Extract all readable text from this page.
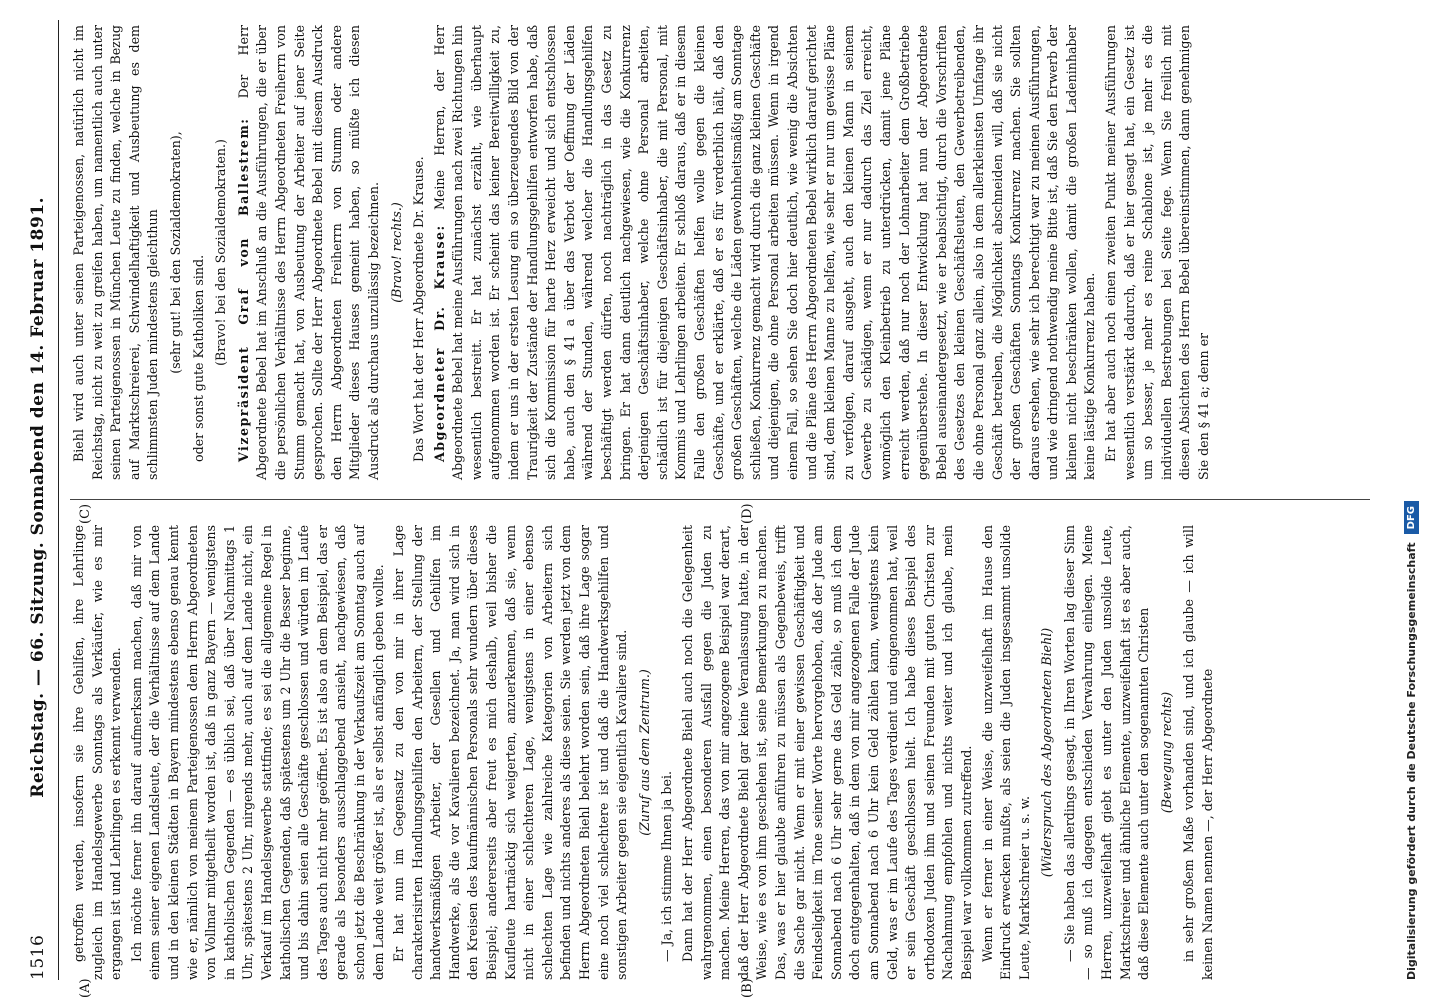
1516
Reichstag. — 66. Sitzung. Sonnabend den 14. Februar 1891.
(A)	(B)
(C)	(D)

getroffen werden, insofern sie ihre Gehilfen, ihre Lehrlinge zugleich im Handelsgewerbe Sonntags als Verkäufer, wie es mir ergangen ist und Lehrlingen es erkennt verwenden. Ich möchte ferner ihn darauf aufmerksam machen, daß mir von einem seiner eigenen Landsleute, der die Verhältnisse auf dem Lande und in den kleinen Städten in Bayern mindestens ebenso genau kennt wie er, nämlich von meinem Parteigenossen dem Herrn Abgeordneten von Vollmar mitgetheilt worden ist, daß in ganz Bayern — wenigstens in katholischen Gegenden — es üblich sei, daß über Nachmittags 1 Uhr, spätestens 2 Uhr, nirgends mehr, auch auf dem Lande nicht, ein Verkauf im Handelsgewerbe stattfinde; es sei die allgemeine Regel in katholischen Gegenden, daß spätestens um 2 Uhr die Besser beginne, und bis dahin seien alle Geschäfte geschlossen und würden im Laufe des Tages auch nicht mehr geöffnet. Es ist also an dem Beispiel, das er gerade als besonders ausschlaggebend ansieht, nachgewiesen, daß schon jetzt die Beschränkung in der Verkaufszeit am Sonntag auch auf dem Lande weit größer ist, als er selbst anfänglich geben wollte. Er hat nun im Gegensatz zu den von mir in ihrer Lage charakterisirten Handlungsgehilfen den Arbeitern, der Stellung der handwerksmäßigen Arbeiter, der Gesellen und Gehilfen im Handwerke, als die vor Kavalieren bezeichnet. Ja, man wird sich in den Kreisen des kaufmännischen Personals sehr wundern über dieses Beispiel; andererseits aber freut es mich deshalb, weil bisher die Kaufleute hartnäckig sich weigerten, anzuerkennen, daß sie, wenn nicht in einer schlechteren Lage, wenigstens in einer ebenso schlechten Lage wie zahlreiche Kategorien von Arbeitern sich befinden und nichts anderes als diese seien. Sie werden jetzt von dem Herrn Abgeordneten Biehl belehrt worden sein, daß ihre Lage sogar eine noch viel schlechtere ist und daß die Handwerksgehilfen und sonstigen Arbeiter gegen sie eigentlich Kavaliere sind. (Zuruf aus dem Zentrum.)

— Ja, ich stimme Ihnen ja bei. Dann hat der Herr Abgeordnete Biehl auch noch die Gelegenheit wahrgenommen, einen besonderen Ausfall gegen die Juden zu machen. Meine Herren, das von mir angezogene Beispiel war derart, daß der Herr Abgeordnete Biehl gar keine Veranlassung hatte, in der Weise, wie es von ihm geschehen ist, seine Bemerkungen zu machen. Das, was er hier glaubte anführen zu müssen als Gegenbeweis, trifft die Sache gar nicht. Wenn er mit einer gewissen Geschäftigkeit und Feindseligkeit im Tone seiner Worte hervorgehoben, daß der Jude am Sonnabend nach 6 Uhr sehr gerne das Geld zähle, so muß ich dem doch entgegenhalten, daß in dem von mir angezogenen Falle der Jude am Sonnabend nach 6 Uhr kein Geld zählen kann, wenigstens kein Geld, was er im Laufe des Tages verdient und eingenommen hat, weil er sein Geschäft geschlossen hielt. Ich habe dieses Beispiel des orthodoxen Juden ihm und seinen Freunden mit guten Christen zur Nachahmung empfohlen und nichts weiter und ich glaube, mein Beispiel war vollkommen zutreffend. Wenn er ferner in einer Weise, die unzweifelhaft im Hause den Eindruck erwecken mußte, als seien die Juden insgesammt unsolide Leute, Marktschreier u. s. w.

(Widerspruch des Abgeordneten Biehl) — Sie haben das allerdings gesagt, in Ihren Worten lag dieser Sinn — so muß ich dagegen entschieden Verwahrung einlegen. Meine Herren, unzweifelhaft giebt es unter den Juden unsolide Leute, Marktschreier und ähnliche Elemente, unzweifelhaft ist es aber auch, daß diese Elemente auch unter den sogenannten Christen (Bewegung rechts) in sehr großem Maße vorhanden sind, und ich glaube — ich will keinen Namen nennen —, der Herr Abgeordnete

Biehl wird auch unter seinen Parteigenossen, natürlich nicht im Reichstag, nicht zu weit zu greifen haben, um namentlich auch unter seinen Parteigenossen in München Leute zu finden, welche in Bezug auf Marktschreierei, Schwindelhaftigkeit und Ausbeutung es dem schlimmsten Juden mindestens gleichthun (sehr gut! bei den Sozialdemokraten), oder sonst gute Katholiken sind. (Bravo! bei den Sozialdemokraten.) Vizepräsident Graf von Ballestrem: Der Herr Abgeordnete Bebel hat im Anschluß an die Ausführungen, die er über die persönlichen Verhältnisse des Herrn Abgeordneten Freiherrn von Stumm gemacht hat, von Ausbeutung der Arbeiter auf jener Seite gesprochen. Sollte der Herr Abgeordnete Bebel mit diesem Ausdruck den Herrn Abgeordneten Freiherrn von Stumm oder andere Mitglieder dieses Hauses gemeint haben, so müßte ich diesen Ausdruck als durchaus unzulässig bezeichnen. (Bravo! rechts.) Das Wort hat der Herr Abgeordnete Dr. Krause. Abgeordneter Dr. Krause: Meine Herren, der Herr Abgeordnete Bebel hat meine Ausführungen nach zwei Richtungen hin wesentlich bestreitt. Er hat zunächst erzählt, wie überhaupt aufgenommen worden ist. Er scheint das keiner Bereitwilligkeit zu, indem er uns in der ersten Lesung ein so überzeugendes Bild von der Traurigkeit der Zustände der Handlungsgehilfen entworfen habe, daß sich die Kommission für harte Herz erweicht und sich entschlossen habe, auch den § 41 a über das Verbot der Oeffnung der Läden während der Stunden, während welcher die Handlungsgehilfen beschäftigt werden dürfen, noch nachträglich in das Gesetz zu bringen. Er hat dann deutlich nachgewiesen, wie die Konkurrenz derjenigen Geschäftsinhaber, welche ohne Personal arbeiten, schädlich ist für diejenigen Geschäftsinhaber, die mit Personal, mit Kommis und Lehrlingen arbeiten. Er schloß daraus, daß er in diesem Falle den großen Geschäften helfen wolle gegen die kleinen Geschäfte, und er erklärte, daß er es für verderblich hält, daß den großen Geschäften, welche die Läden gewohnheitsmäßig am Sonntage schließen, Konkurrenz gemacht wird durch die ganz kleinen Geschäfte und diejenigen, die ohne Personal arbeiten müssen. Wenn in irgend einem Fall, so sehen Sie doch hier deutlich, wie wenig die Absichten und die Pläne des Herrn Abgeordneten Bebel wirklich darauf gerichtet sind, dem kleinen Manne zu helfen, wie sehr er nur um gewisse Pläne zu verfolgen, darauf ausgeht, auch den kleinen Mann in seinem Gewerbe zu schädigen, wenn er nur dadurch das Ziel erreicht, womöglich den Kleinbetrieb zu unterdrücken, damit jene Pläne erreicht werden, daß nur noch der Lohnarbeiter dem Großbetriebe gegenüberstehe. In dieser Entwicklung hat nun der Abgeordnete Bebel auseinandergesetzt, wie er beabsichtigt, durch die Vorschriften des Gesetzes den kleinen Geschäftsleuten, den Gewerbetreibenden, die ohne Personal ganz allein, also in dem allerkleinsten Umfange ihr Geschäft betreiben, die Möglichkeit abschneiden will, daß sie nicht der großen Geschäften Sonntags Konkurrenz machen. Sie sollten daraus ersehen, wie sehr ich berechtigt war zu meinen Ausführungen, und wie dringend nothwendig meine Bitte ist, daß Sie den Erwerb der kleinen nicht beschränken wollen, damit die großen Ladeninhaber keine lästige Konkurrenz haben. Er hat aber auch noch einen zweiten Punkt meiner Ausführungen wesentlich verstärkt dadurch, daß er hier gesagt hat, ein Gesetz ist um so besser, je mehr es reine Schablone ist, je mehr es die individuellen Bestrebungen bei Seite fege. Wenn Sie freilich mit diesen Absichten des Herrn Bebel übereinstimmen, dann genehmigen Sie den § 41 a; denn er

Digitalisierung gefördert durch die Deutsche Forschungsgemeinschaft
DFG
